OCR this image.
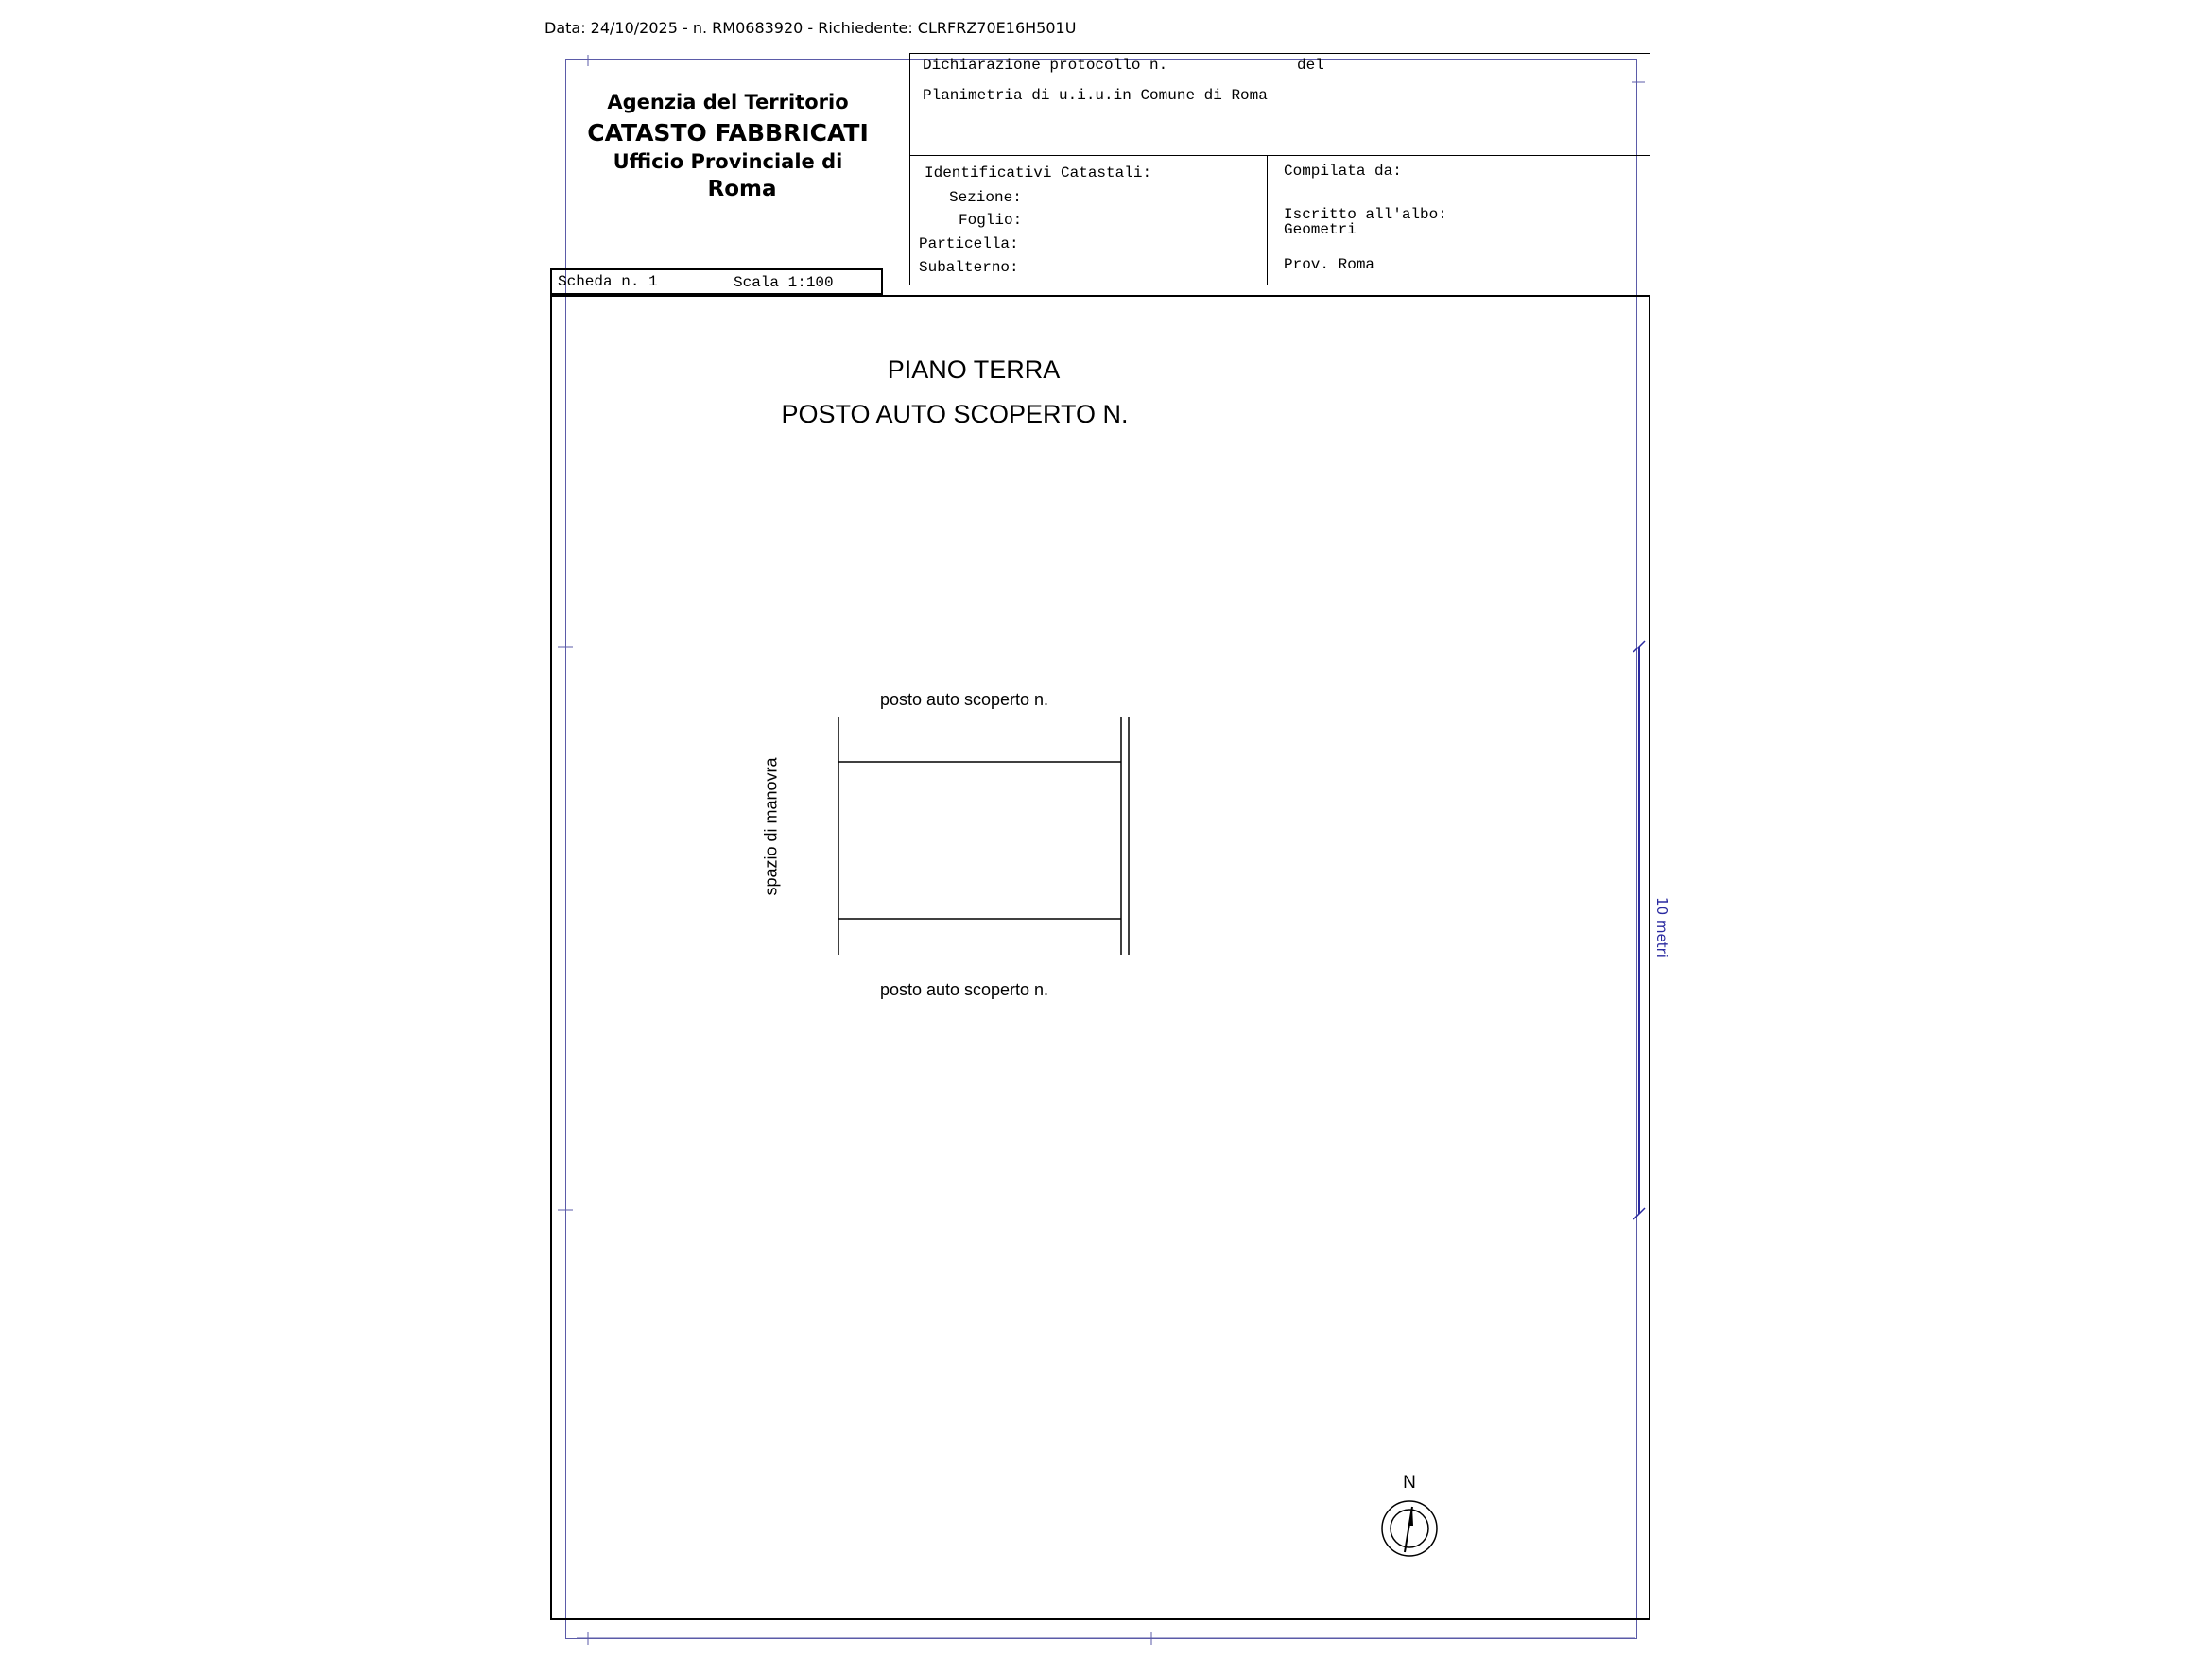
Data: 24/10/2025 - n. RM0683920 - Richiedente: CLRFRZ70E16H501U
Agenzia del Territorio
CATASTO FABBRICATI
Ufficio Provinciale di
Roma
Dichiarazione protocollo n.	del
Planimetria di u.i.u.in Comune di Roma
Identificativi Catastali:
Sezione:
Foglio:
Particella:
Subalterno:
Compilata da:
Iscritto all'albo:
Geometri
Prov. Roma
Scheda n. 1	Scala 1:100
PIANO TERRA
POSTO AUTO SCOPERTO N.
posto auto scoperto n.
posto auto scoperto n.
spazio di manovra
10 metri
N
